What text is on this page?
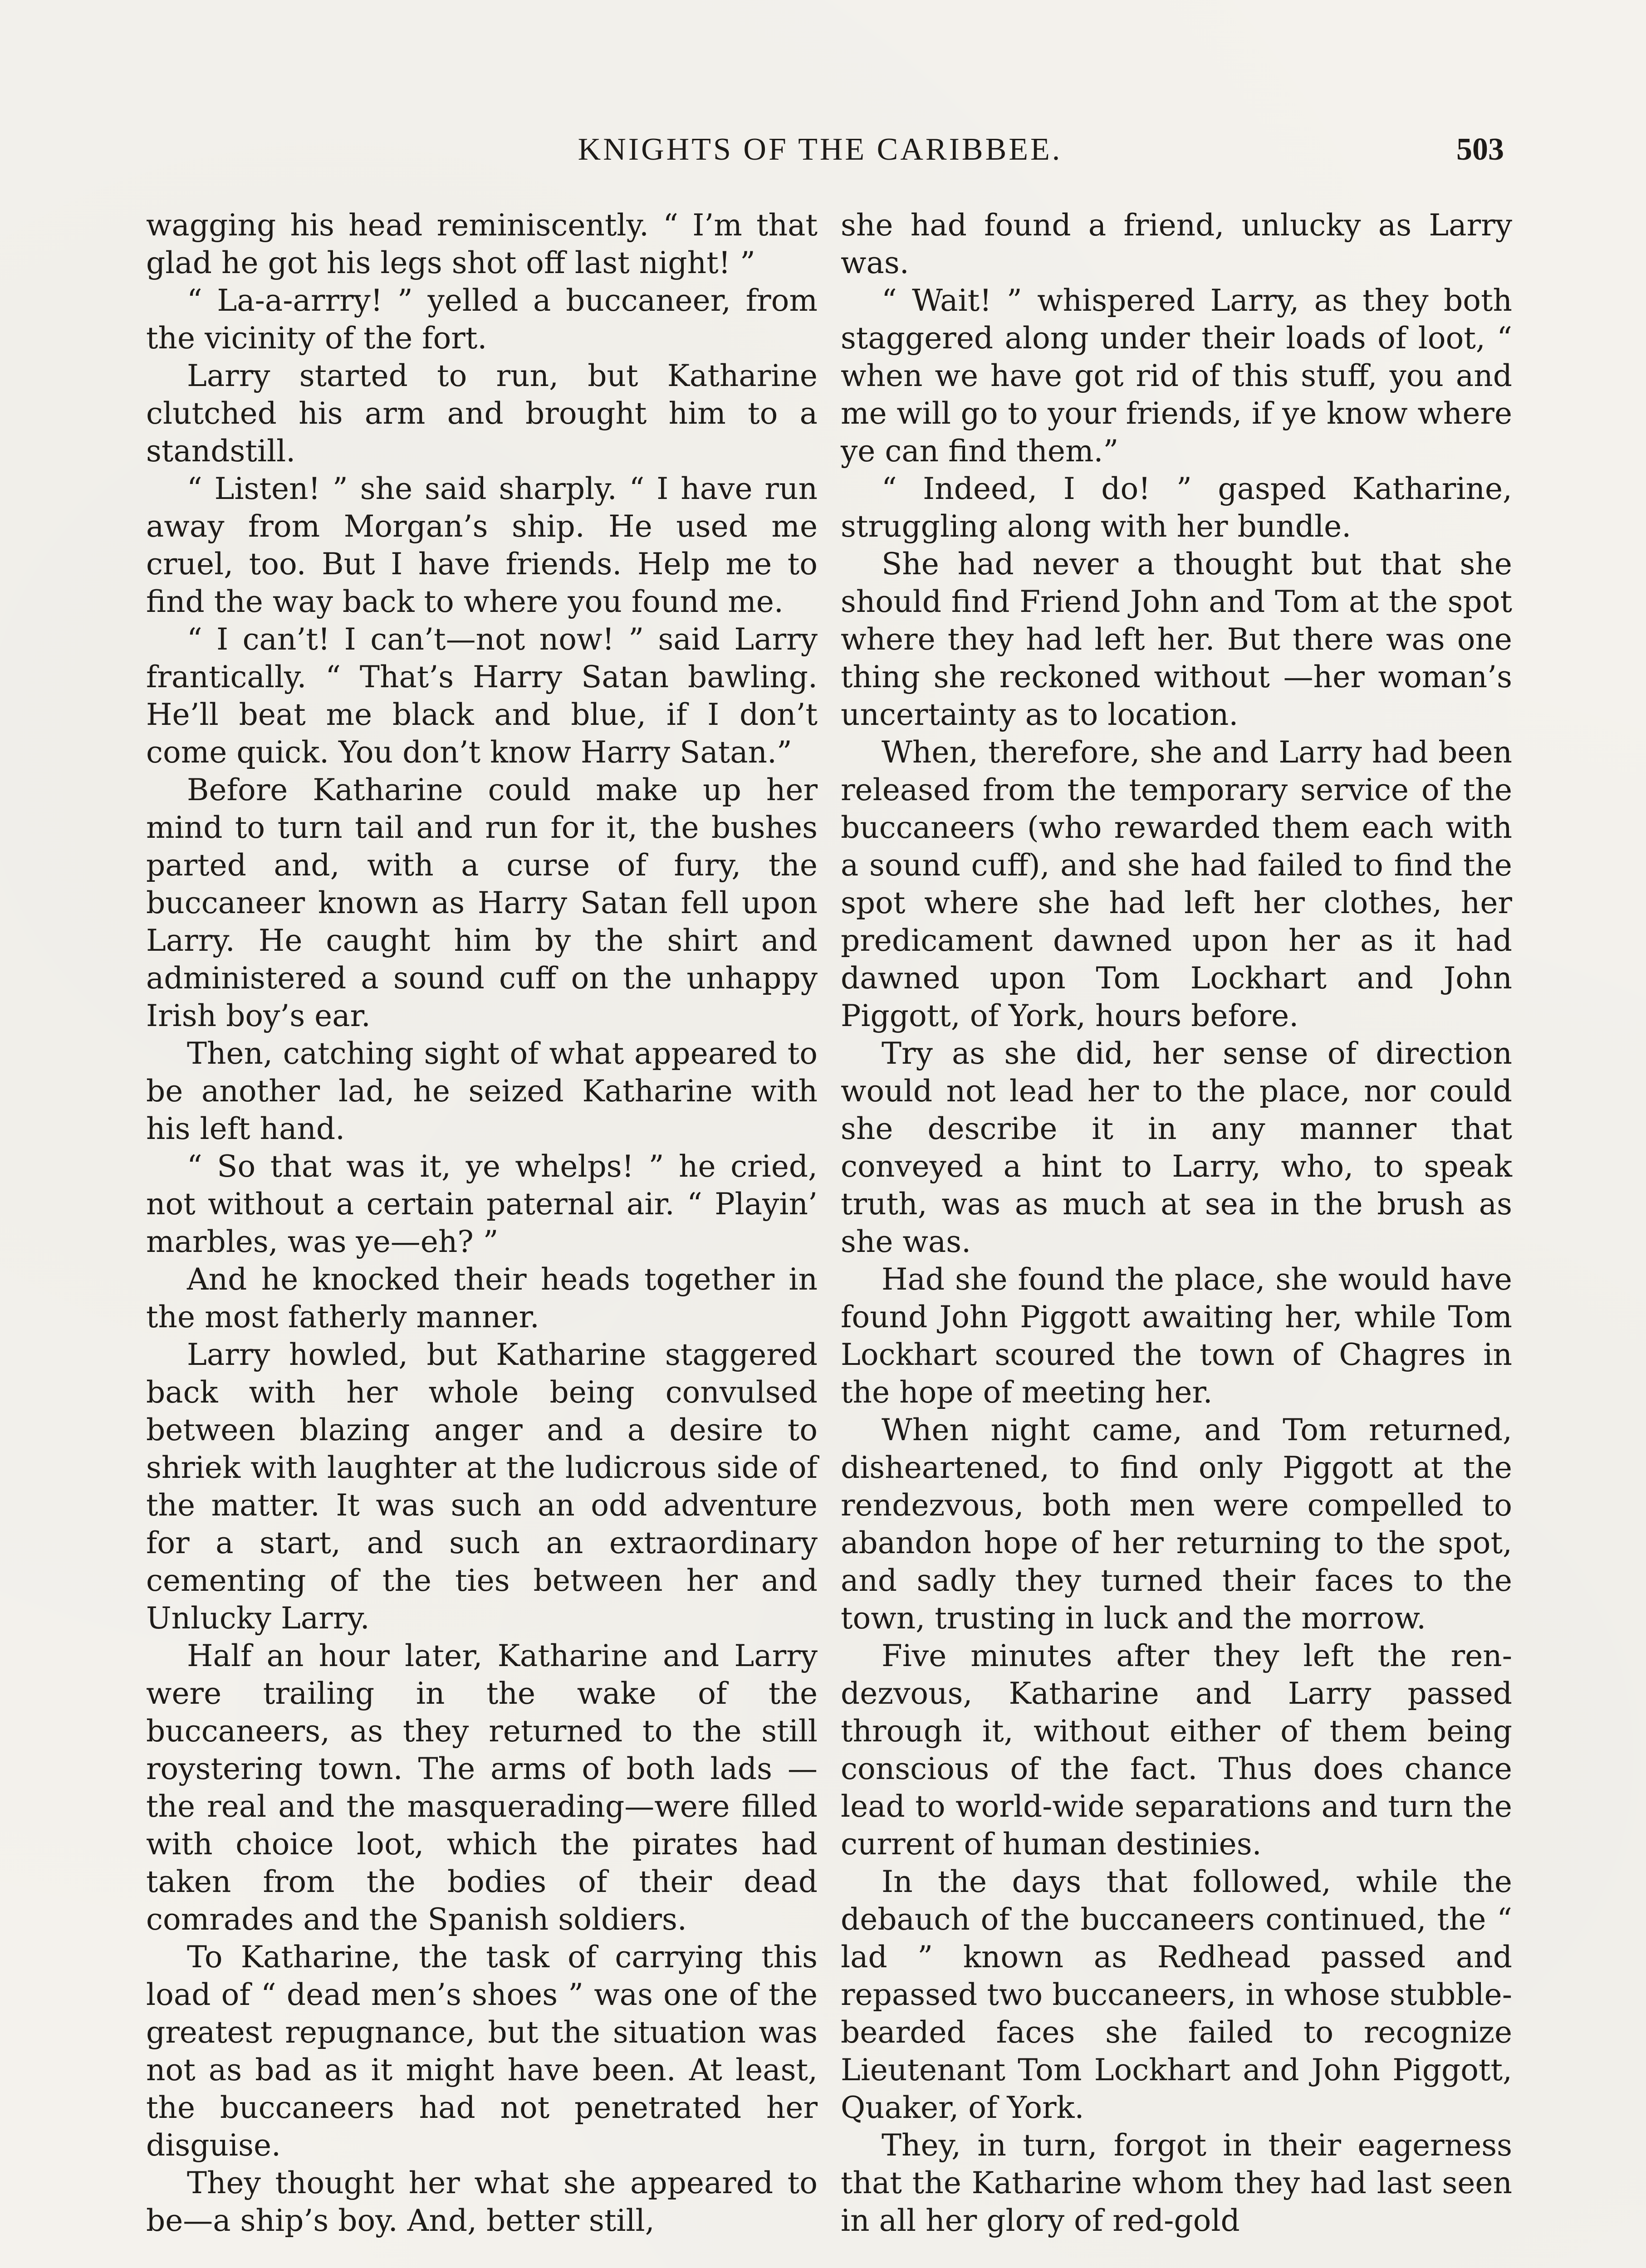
KNIGHTS OF THE CARIBBEE.	503

wagging his head reminiscently. “ I’m that glad he got his legs shot off last night! ”

“ La-a-arrry! ” yelled a buccaneer, from the vicinity of the fort.

Larry started to run, but Katharine clutched his arm and brought him to a standstill.

“ Listen! ” she said sharply. “ I have run away from Morgan’s ship. He used me cruel, too. But I have friends. Help me to find the way back to where you found me.

“ I can’t! I can’t—not now! ” said Larry frantically. “ That’s Harry Satan bawling. He’ll beat me black and blue, if I don’t come quick. You don’t know Harry Satan.”

Before Katharine could make up her mind to turn tail and run for it, the bushes parted and, with a curse of fury, the buccaneer known as Harry Satan fell upon Larry. He caught him by the shirt and administered a sound cuff on the unhappy Irish boy’s ear.

Then, catching sight of what appeared to be another lad, he seized Katharine with his left hand.

“ So that was it, ye whelps! ” he cried, not without a certain paternal air. “ Playin’ marbles, was ye—eh? ”

And he knocked their heads together in the most fatherly manner.

Larry howled, but Katharine staggered back with her whole being convulsed between blazing anger and a desire to shriek with laughter at the ludicrous side of the matter. It was such an odd adventure for a start, and such an extraordinary cementing of the ties between her and Unlucky Larry.

Half an hour later, Katharine and Larry were trailing in the wake of the buccaneers, as they returned to the still roystering town. The arms of both lads —the real and the masquerading—were filled with choice loot, which the pirates had taken from the bodies of their dead comrades and the Spanish soldiers.

To Katharine, the task of carrying this load of “ dead men’s shoes ” was one of the greatest repugnance, but the situation was not as bad as it might have been. At least, the buccaneers had not penetrated her disguise.

They thought her what she appeared to be—a ship’s boy. And, better still,

she had found a friend, unlucky as Larry was.

“ Wait! ” whispered Larry, as they both staggered along under their loads of loot, “ when we have got rid of this stuff, you and me will go to your friends, if ye know where ye can find them.”

“ Indeed, I do! ” gasped Katharine, struggling along with her bundle.

She had never a thought but that she should find Friend John and Tom at the spot where they had left her. But there was one thing she reckoned without —her woman’s uncertainty as to location.

When, therefore, she and Larry had been released from the temporary service of the buccaneers (who rewarded them each with a sound cuff), and she had failed to find the spot where she had left her clothes, her predicament dawned upon her as it had dawned upon Tom Lockhart and John Piggott, of York, hours before.

Try as she did, her sense of direction would not lead her to the place, nor could she describe it in any manner that conveyed a hint to Larry, who, to speak truth, was as much at sea in the brush as she was.

Had she found the place, she would have found John Piggott awaiting her, while Tom Lockhart scoured the town of Chagres in the hope of meeting her.

When night came, and Tom returned, disheartened, to find only Piggott at the rendezvous, both men were compelled to abandon hope of her returning to the spot, and sadly they turned their faces to the town, trusting in luck and the morrow.

Five minutes after they left the rendezvous, Katharine and Larry passed through it, without either of them being conscious of the fact. Thus does chance lead to world-wide separations and turn the current of human destinies.

In the days that followed, while the debauch of the buccaneers continued, the “ lad ” known as Redhead passed and repassed two buccaneers, in whose stubble-bearded faces she failed to recognize Lieutenant Tom Lockhart and John Piggott, Quaker, of York.

They, in turn, forgot in their eagerness that the Katharine whom they had last seen in all her glory of red-gold
